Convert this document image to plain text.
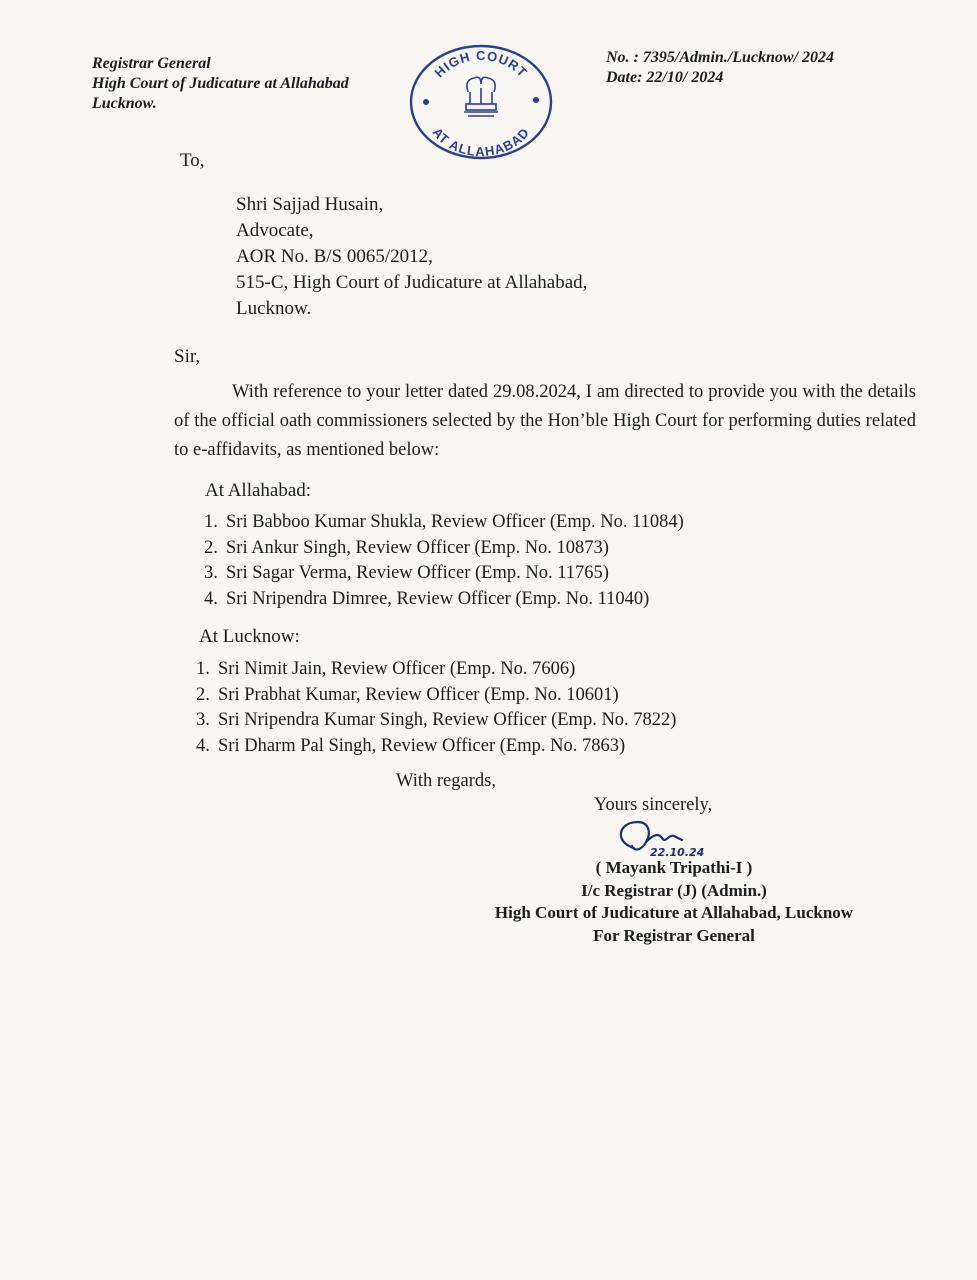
Registrar General
High Court of Judicature at Allahabad
Lucknow.
HIGH COURT
AT ALLAHABAD
No. : 7395/Admin./Lucknow/ 2024
Date: 22/10/ 2024
To,
Shri Sajjad Husain,
Advocate,
AOR No. B/S 0065/2012,
515-C, High Court of Judicature at Allahabad,
Lucknow.
Sir,
With reference to your letter dated 29.08.2024, I am directed to provide you with the details of the official oath commissioners selected by the Hon’ble High Court for performing duties related to e-affidavits, as mentioned below:
At Allahabad:
1. Sri Babboo Kumar Shukla, Review Officer (Emp. No. 11084)
2. Sri Ankur Singh, Review Officer (Emp. No. 10873)
3. Sri Sagar Verma, Review Officer (Emp. No. 11765)
4. Sri Nripendra Dimree, Review Officer (Emp. No. 11040)
At Lucknow:
1. Sri Nimit Jain, Review Officer (Emp. No. 7606)
2. Sri Prabhat Kumar, Review Officer (Emp. No. 10601)
3. Sri Nripendra Kumar Singh, Review Officer (Emp. No. 7822)
4. Sri Dharm Pal Singh, Review Officer (Emp. No. 7863)
With regards,
Yours sincerely,
22.10.24
( Mayank Tripathi-I )
I/c Registrar (J) (Admin.)
High Court of Judicature at Allahabad, Lucknow
For Registrar General
